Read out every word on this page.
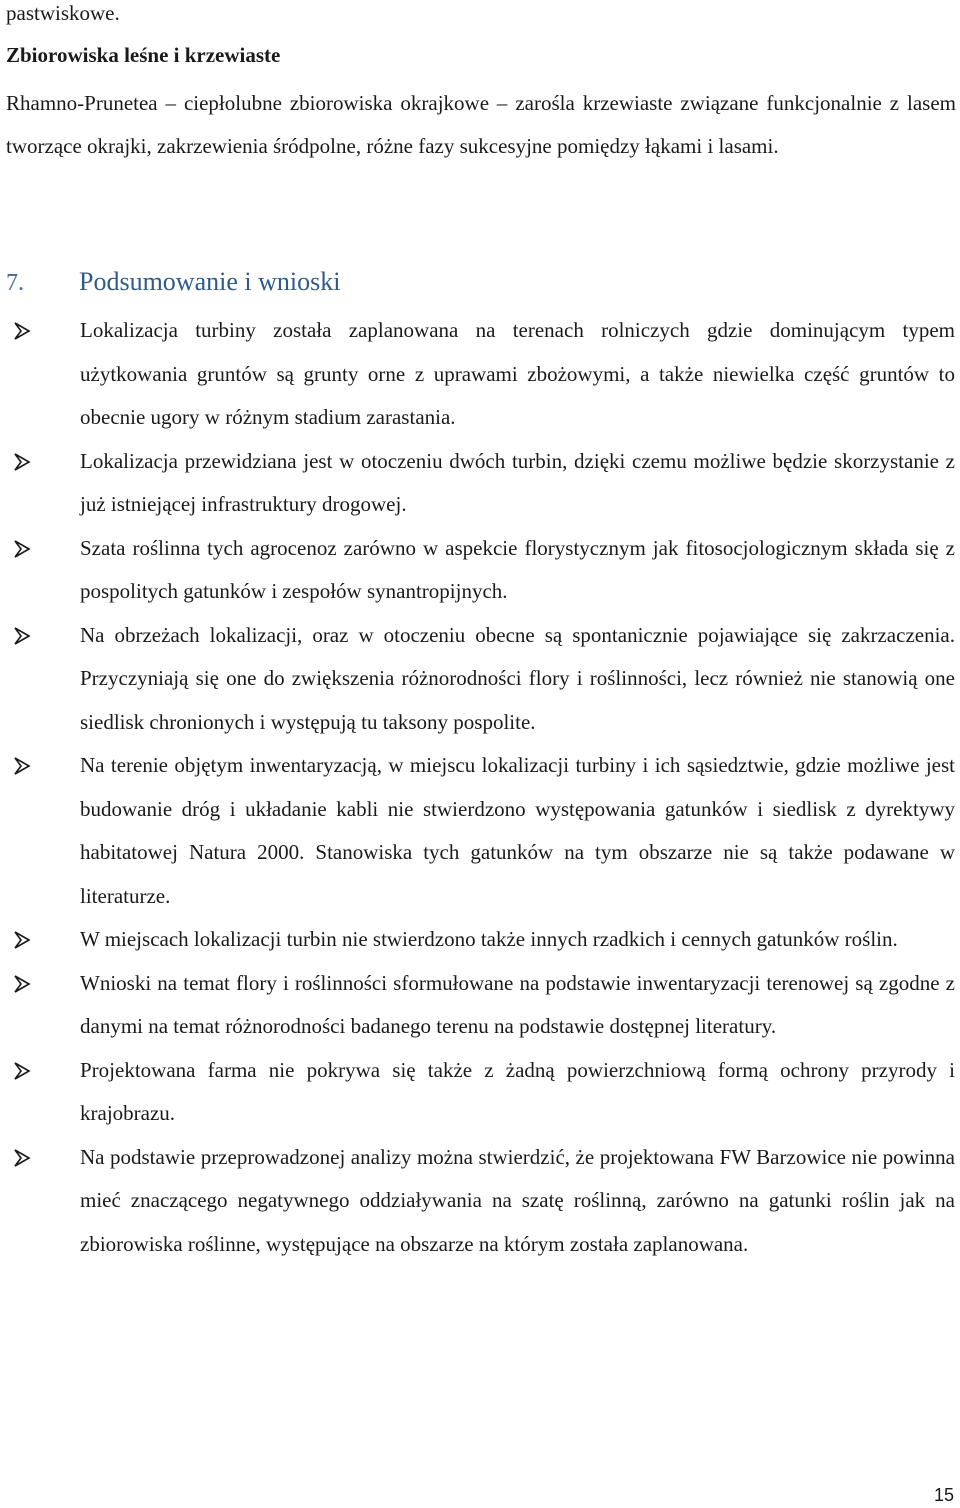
pastwiskowe.

Zbiorowiska leśne i krzewiaste

Rhamno-Prunetea – ciepłolubne zbiorowiska okrajkowe – zarośla krzewiaste związane funkcjonalnie z lasem tworzące okrajki, zakrzewienia śródpolne, różne fazy sukcesyjne pomiędzy łąkami i lasami.

7. Podsumowanie i wnioski
Lokalizacja turbiny została zaplanowana na terenach rolniczych gdzie dominującym typem użytkowania gruntów są grunty orne z uprawami zbożowymi, a także niewielka część gruntów to obecnie ugory w różnym stadium zarastania.
Lokalizacja przewidziana jest w otoczeniu dwóch turbin, dzięki czemu możliwe będzie skorzystanie z już istniejącej infrastruktury drogowej.
Szata roślinna tych agrocenoz zarówno w aspekcie florystycznym jak fitosocjologicznym składa się z pospolitych gatunków i zespołów synantropijnych.
Na obrzeżach lokalizacji, oraz w otoczeniu obecne są spontanicznie pojawiające się zakrzaczenia. Przyczyniają się one do zwiększenia różnorodności flory i roślinności, lecz również nie stanowią one siedlisk chronionych i występują tu taksony pospolite.
Na terenie objętym inwentaryzacją, w miejscu lokalizacji turbiny i ich sąsiedztwie, gdzie możliwe jest budowanie dróg i układanie kabli nie stwierdzono występowania gatunków i siedlisk z dyrektywy habitatowej Natura 2000. Stanowiska tych gatunków na tym obszarze nie są także podawane w literaturze.
W miejscach lokalizacji turbin nie stwierdzono także innych rzadkich i cennych gatunków roślin.
Wnioski na temat flory i roślinności sformułowane na podstawie inwentaryzacji terenowej są zgodne z danymi na temat różnorodności badanego terenu na podstawie dostępnej literatury.
Projektowana farma nie pokrywa się także z żadną powierzchniową formą ochrony przyrody i krajobrazu.
Na podstawie przeprowadzonej analizy można stwierdzić, że projektowana FW Barzowice nie powinna mieć znaczącego negatywnego oddziaływania na szatę roślinną, zarówno na gatunki roślin jak na zbiorowiska roślinne, występujące na obszarze na którym została zaplanowana.
15
